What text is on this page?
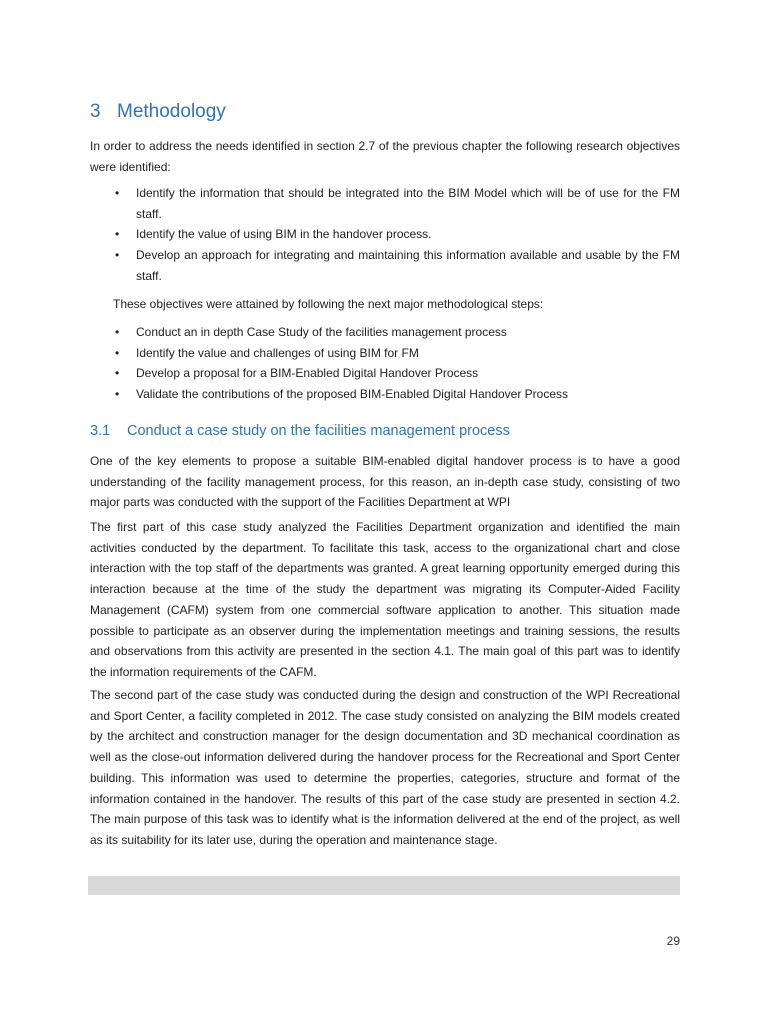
3 Methodology

In order to address the needs identified in section 2.7 of the previous chapter the following research objectives were identified:

• Identify the information that should be integrated into the BIM Model which will be of use for the FM staff.
• Identify the value of using BIM in the handover process.
• Develop an approach for integrating and maintaining this information available and usable by the FM staff.

These objectives were attained by following the next major methodological steps:

• Conduct an in depth Case Study of the facilities management process
• Identify the value and challenges of using BIM for FM
• Develop a proposal for a BIM-Enabled Digital Handover Process
• Validate the contributions of the proposed BIM-Enabled Digital Handover Process
3.1 Conduct a case study on the facilities management process

One of the key elements to propose a suitable BIM-enabled digital handover process is to have a good understanding of the facility management process, for this reason, an in-depth case study, consisting of two major parts was conducted with the support of the Facilities Department at WPI

The first part of this case study analyzed the Facilities Department organization and identified the main activities conducted by the department. To facilitate this task, access to the organizational chart and close interaction with the top staff of the departments was granted. A great learning opportunity emerged during this interaction because at the time of the study the department was migrating its Computer-Aided Facility Management (CAFM) system from one commercial software application to another. This situation made possible to participate as an observer during the implementation meetings and training sessions, the results and observations from this activity are presented in the section 4.1. The main goal of this part was to identify the information requirements of the CAFM.

The second part of the case study was conducted during the design and construction of the WPI Recreational and Sport Center, a facility completed in 2012. The case study consisted on analyzing the BIM models created by the architect and construction manager for the design documentation and 3D mechanical coordination as well as the close-out information delivered during the handover process for the Recreational and Sport Center building. This information was used to determine the properties, categories, structure and format of the information contained in the handover. The results of this part of the case study are presented in section 4.2. The main purpose of this task was to identify what is the information delivered at the end of the project, as well as its suitability for its later use, during the operation and maintenance stage.

29
